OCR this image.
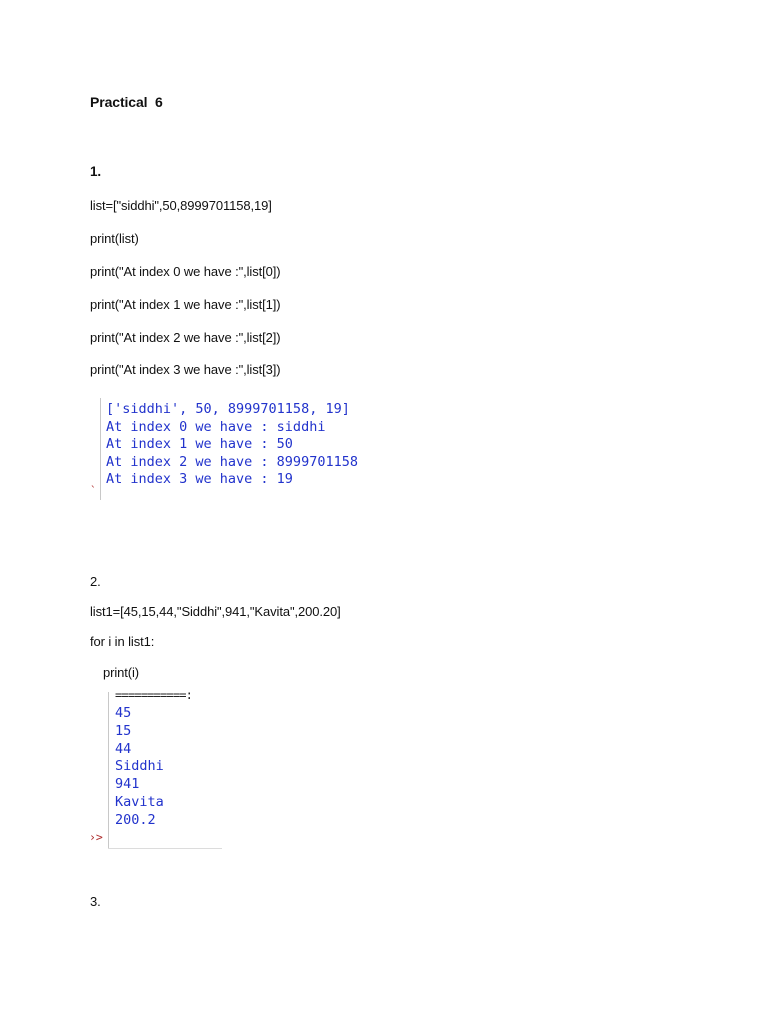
Practical  6
1.
list=["siddhi",50,8999701158,19]
print(list)
print("At index 0 we have :",list[0])
print("At index 1 we have :",list[1])
print("At index 2 we have :",list[2])
print("At index 3 we have :",list[3])
['siddhi', 50, 8999701158, 19]
At index 0 we have : siddhi
At index 1 we have : 50
At index 2 we have : 8999701158
At index 3 we have : 19
`
2.
list1=[45,15,44,"Siddhi",941,"Kavita",200.20]
for i in list1:
print(i)
===========:
45
15
44
Siddhi
941
Kavita
200.2
›>
3.
